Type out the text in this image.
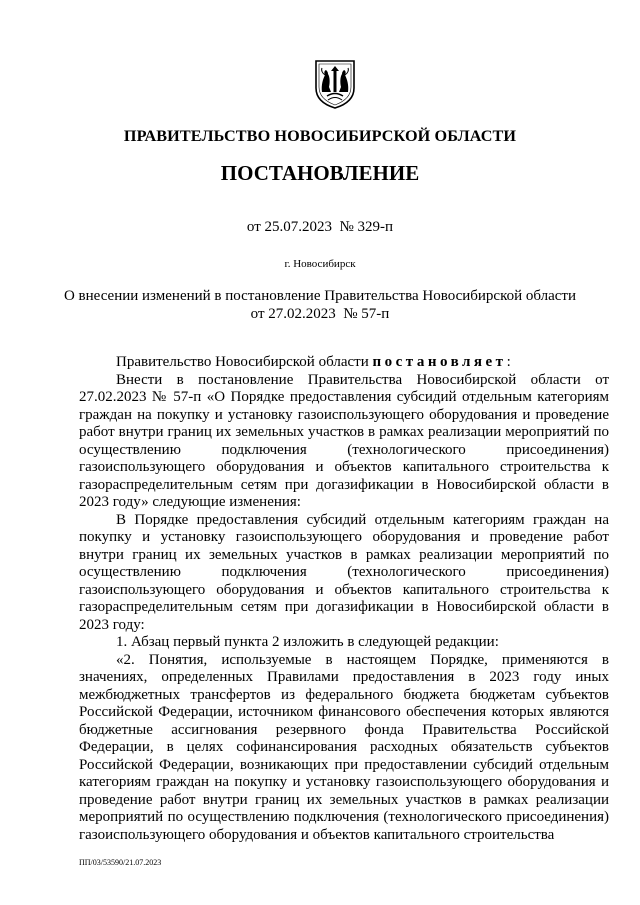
ПРАВИТЕЛЬСТВО НОВОСИБИРСКОЙ ОБЛАСТИ
ПОСТАНОВЛЕНИЕ
от 25.07.2023  № 329-п
г. Новосибирск
О внесении изменений в постановление Правительства Новосибирской области
от 27.02.2023  № 57-п

Правительство Новосибирской области постановляет:

Внести в постановление Правительства Новосибирской области от 27.02.2023 № 57-п «О Порядке предоставления субсидий отдельным категориям граждан на покупку и установку газоиспользующего оборудования и проведение работ внутри границ их земельных участков в рамках реализации мероприятий по осуществлению подключения (технологического присоединения) газоиспользующего оборудования и объектов капитального строительства к газораспределительным сетям при догазификации в Новосибирской области в 2023 году» следующие изменения:

В Порядке предоставления субсидий отдельным категориям граждан на покупку и установку газоиспользующего оборудования и проведение работ внутри границ их земельных участков в рамках реализации мероприятий по осуществлению подключения (технологического присоединения) газоиспользующего оборудования и объектов капитального строительства к газораспределительным сетям при догазификации в Новосибирской области в 2023 году:

1. Абзац первый пункта 2 изложить в следующей редакции:

«2. Понятия, используемые в настоящем Порядке, применяются в значениях, определенных Правилами предоставления в 2023 году иных межбюджетных трансфертов из федерального бюджета бюджетам субъектов Российской Федерации, источником финансового обеспечения которых являются бюджетные ассигнования резервного фонда Правительства Российской Федерации, в целях софинансирования расходных обязательств субъектов Российской Федерации, возникающих при предоставлении субсидий отдельным категориям граждан на покупку и установку газоиспользующего оборудования и проведение работ внутри границ их земельных участков в рамках реализации мероприятий по осуществлению подключения (технологического присоединения) газоиспользующего оборудования и объектов капитального строительства

ПП/03/53590/21.07.2023
